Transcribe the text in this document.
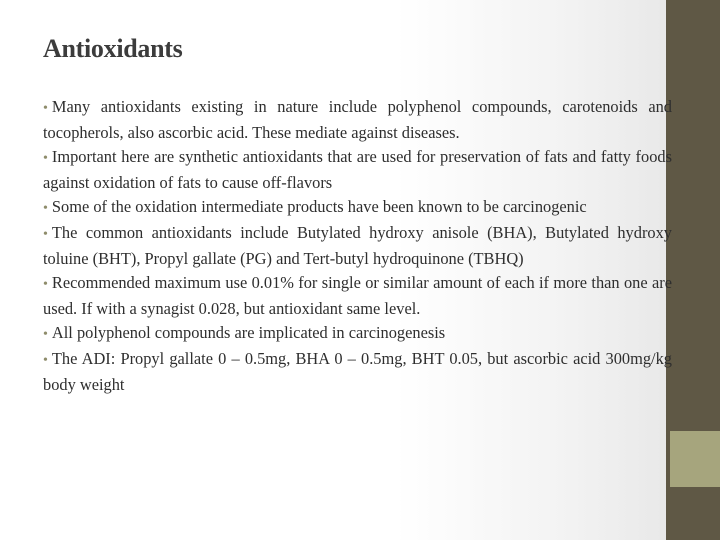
Antioxidants
• Many antioxidants existing in nature include polyphenol compounds, carotenoids and tocopherols, also ascorbic acid. These mediate against diseases.
• Important here are synthetic antioxidants that are used for preservation of fats and fatty foods against oxidation of fats to cause off-flavors
• Some of the oxidation intermediate products have been known to be carcinogenic
• The common antioxidants include Butylated hydroxy anisole (BHA), Butylated hydroxy toluine (BHT), Propyl gallate (PG) and Tert-butyl hydroquinone (TBHQ)
• Recommended maximum use 0.01% for single or similar amount of each if more than one are used. If with a synagist 0.028, but antioxidant same level.
• All polyphenol compounds are implicated in carcinogenesis
• The ADI: Propyl gallate 0 – 0.5mg, BHA 0 – 0.5mg, BHT 0.05, but ascorbic acid 300mg/kg body weight
